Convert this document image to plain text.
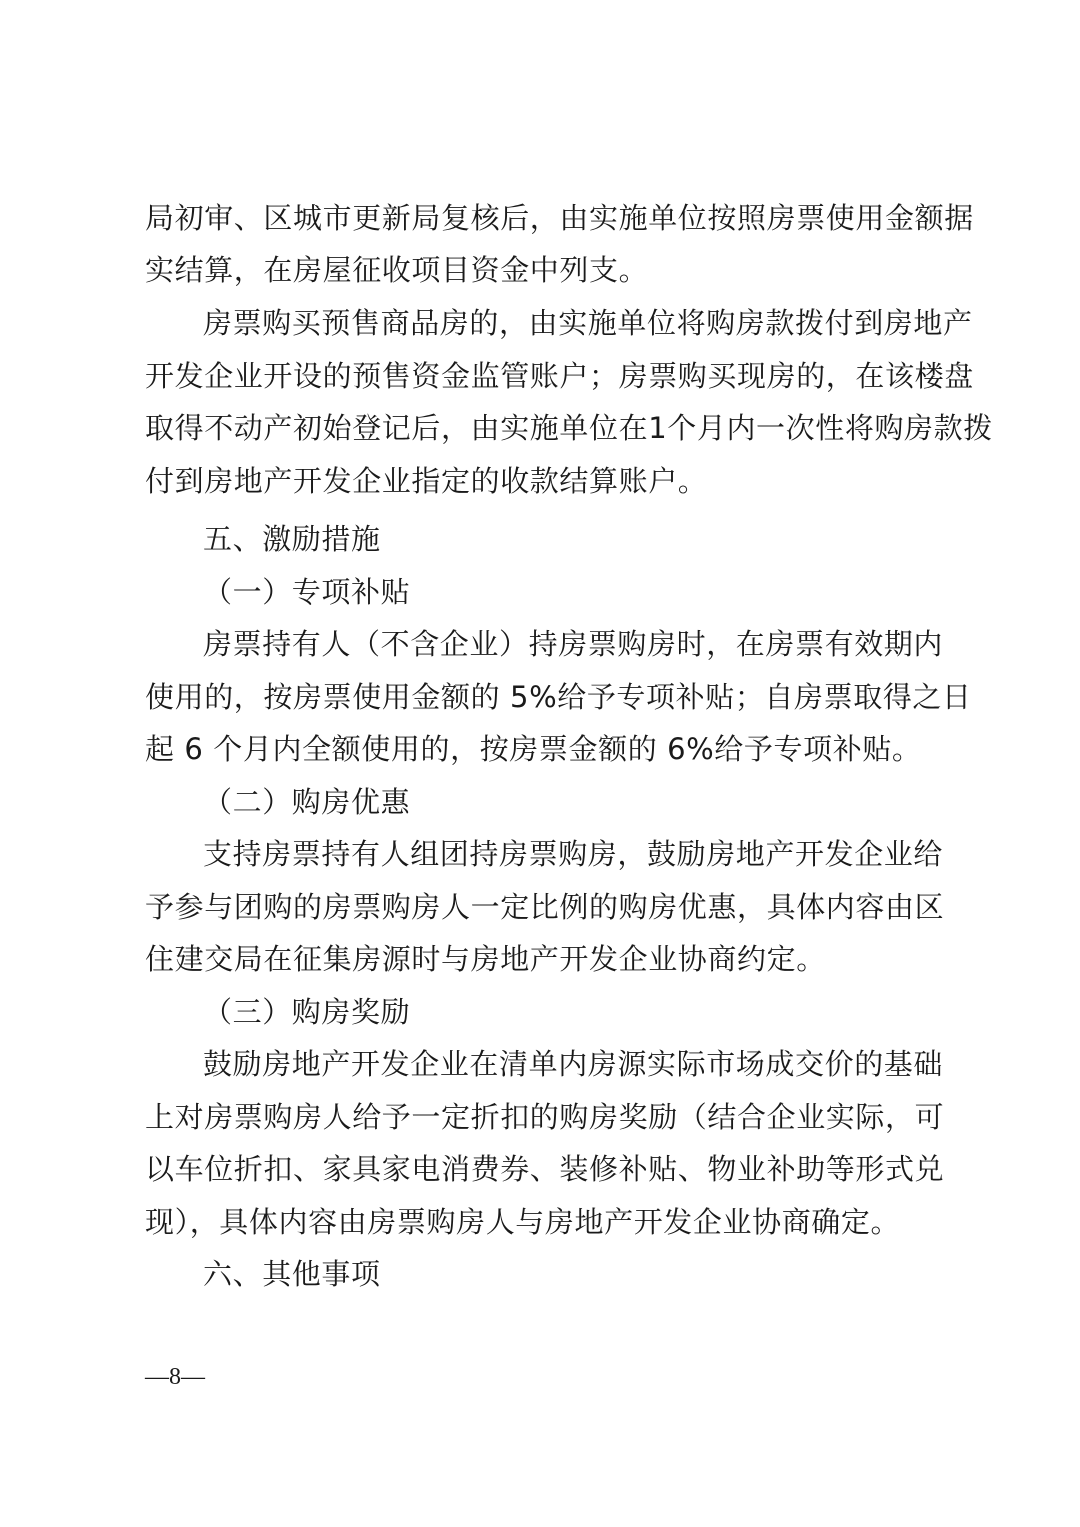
局初审、区城市更新局复核后，由实施单位按照房票使用金额据
实结算，在房屋征收项目资金中列支。
房票购买预售商品房的，由实施单位将购房款拨付到房地产
开发企业开设的预售资金监管账户；房票购买现房的，在该楼盘
取得不动产初始登记后，由实施单位在1个月内一次性将购房款拨
付到房地产开发企业指定的收款结算账户。
五、激励措施
（一）专项补贴
房票持有人（不含企业）持房票购房时，在房票有效期内
使用的，按房票使用金额的 5%给予专项补贴；自房票取得之日
起 6 个月内全额使用的，按房票金额的 6%给予专项补贴。
（二）购房优惠
支持房票持有人组团持房票购房，鼓励房地产开发企业给
予参与团购的房票购房人一定比例的购房优惠，具体内容由区
住建交局在征集房源时与房地产开发企业协商约定。
（三）购房奖励
鼓励房地产开发企业在清单内房源实际市场成交价的基础
上对房票购房人给予一定折扣的购房奖励（结合企业实际，可
以车位折扣、家具家电消费券、装修补贴、物业补助等形式兑
现），具体内容由房票购房人与房地产开发企业协商确定。
六、其他事项
—8—
